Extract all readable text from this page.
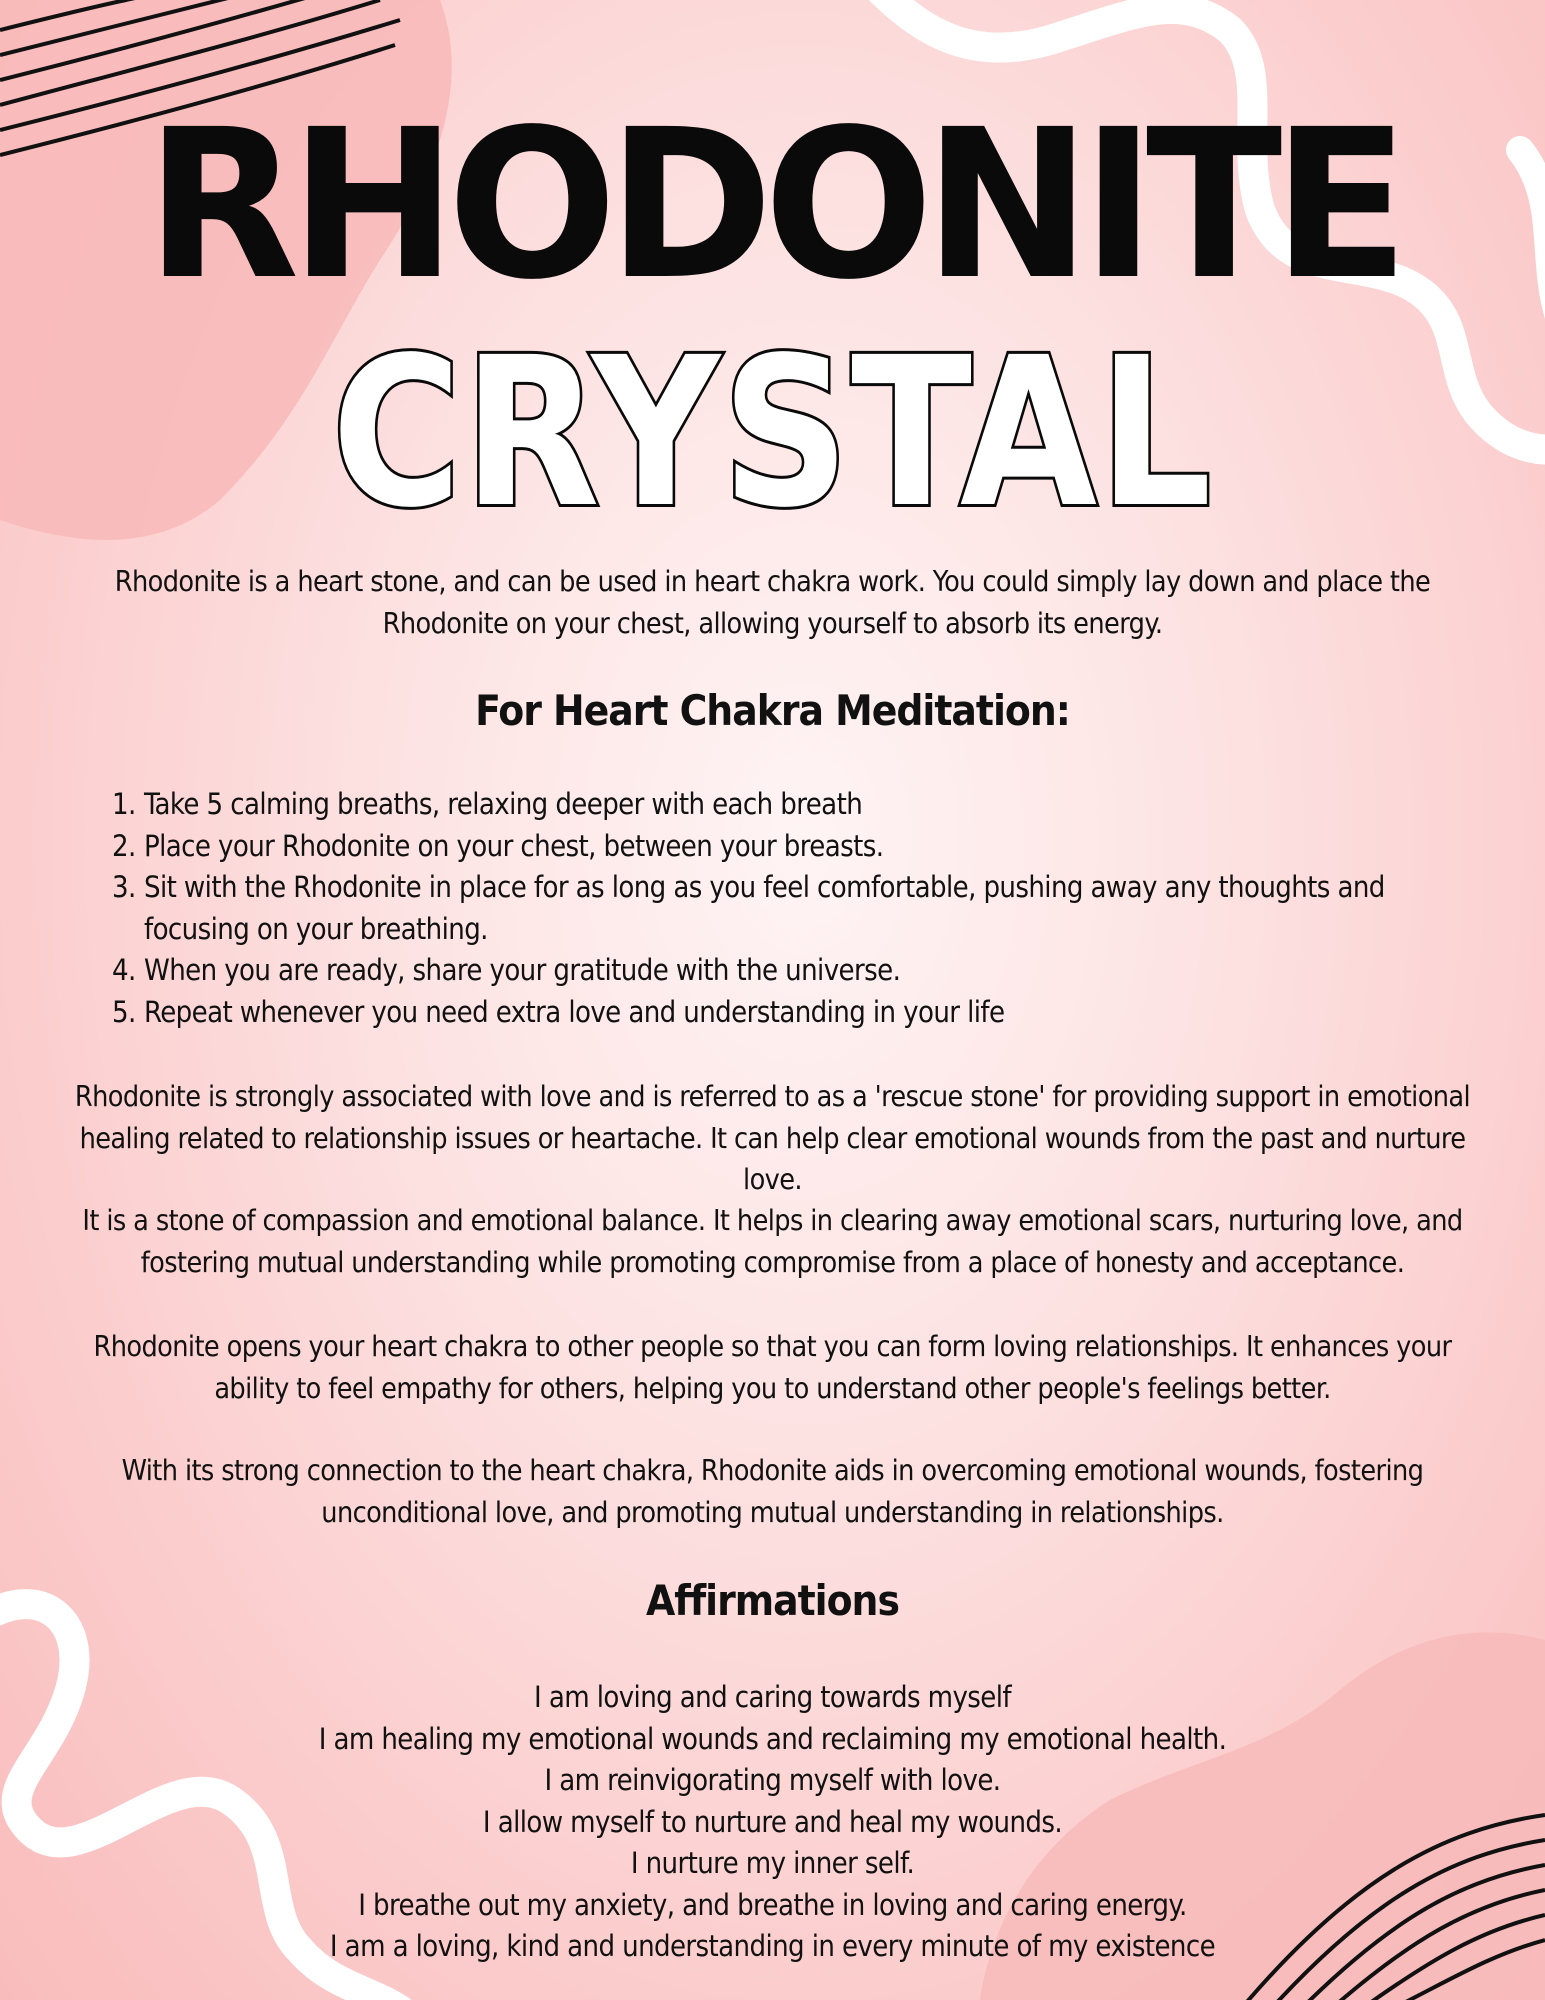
RHODONITE
CRYSTAL

Rhodonite is a heart stone, and can be used in heart chakra work. You could simply lay down and place the Rhodonite on your chest, allowing yourself to absorb its energy.

For Heart Chakra Meditation:
1. Take 5 calming breaths, relaxing deeper with each breath
2. Place your Rhodonite on your chest, between your breasts.
3. Sit with the Rhodonite in place for as long as you feel comfortable, pushing away any thoughts and focusing on your breathing.
4. When you are ready, share your gratitude with the universe.
5. Repeat whenever you need extra love and understanding in your life

Rhodonite is strongly associated with love and is referred to as a 'rescue stone' for providing support in emotional healing related to relationship issues or heartache. It can help clear emotional wounds from the past and nurture love.

It is a stone of compassion and emotional balance. It helps in clearing away emotional scars, nurturing love, and fostering mutual understanding while promoting compromise from a place of honesty and acceptance.

Rhodonite opens your heart chakra to other people so that you can form loving relationships. It enhances your ability to feel empathy for others, helping you to understand other people's feelings better.

With its strong connection to the heart chakra, Rhodonite aids in overcoming emotional wounds, fostering unconditional love, and promoting mutual understanding in relationships.

Affirmations
I am loving and caring towards myself
I am healing my emotional wounds and reclaiming my emotional health.
I am reinvigorating myself with love.
I allow myself to nurture and heal my wounds.
I nurture my inner self.
I breathe out my anxiety, and breathe in loving and caring energy.
I am a loving, kind and understanding in every minute of my existence
